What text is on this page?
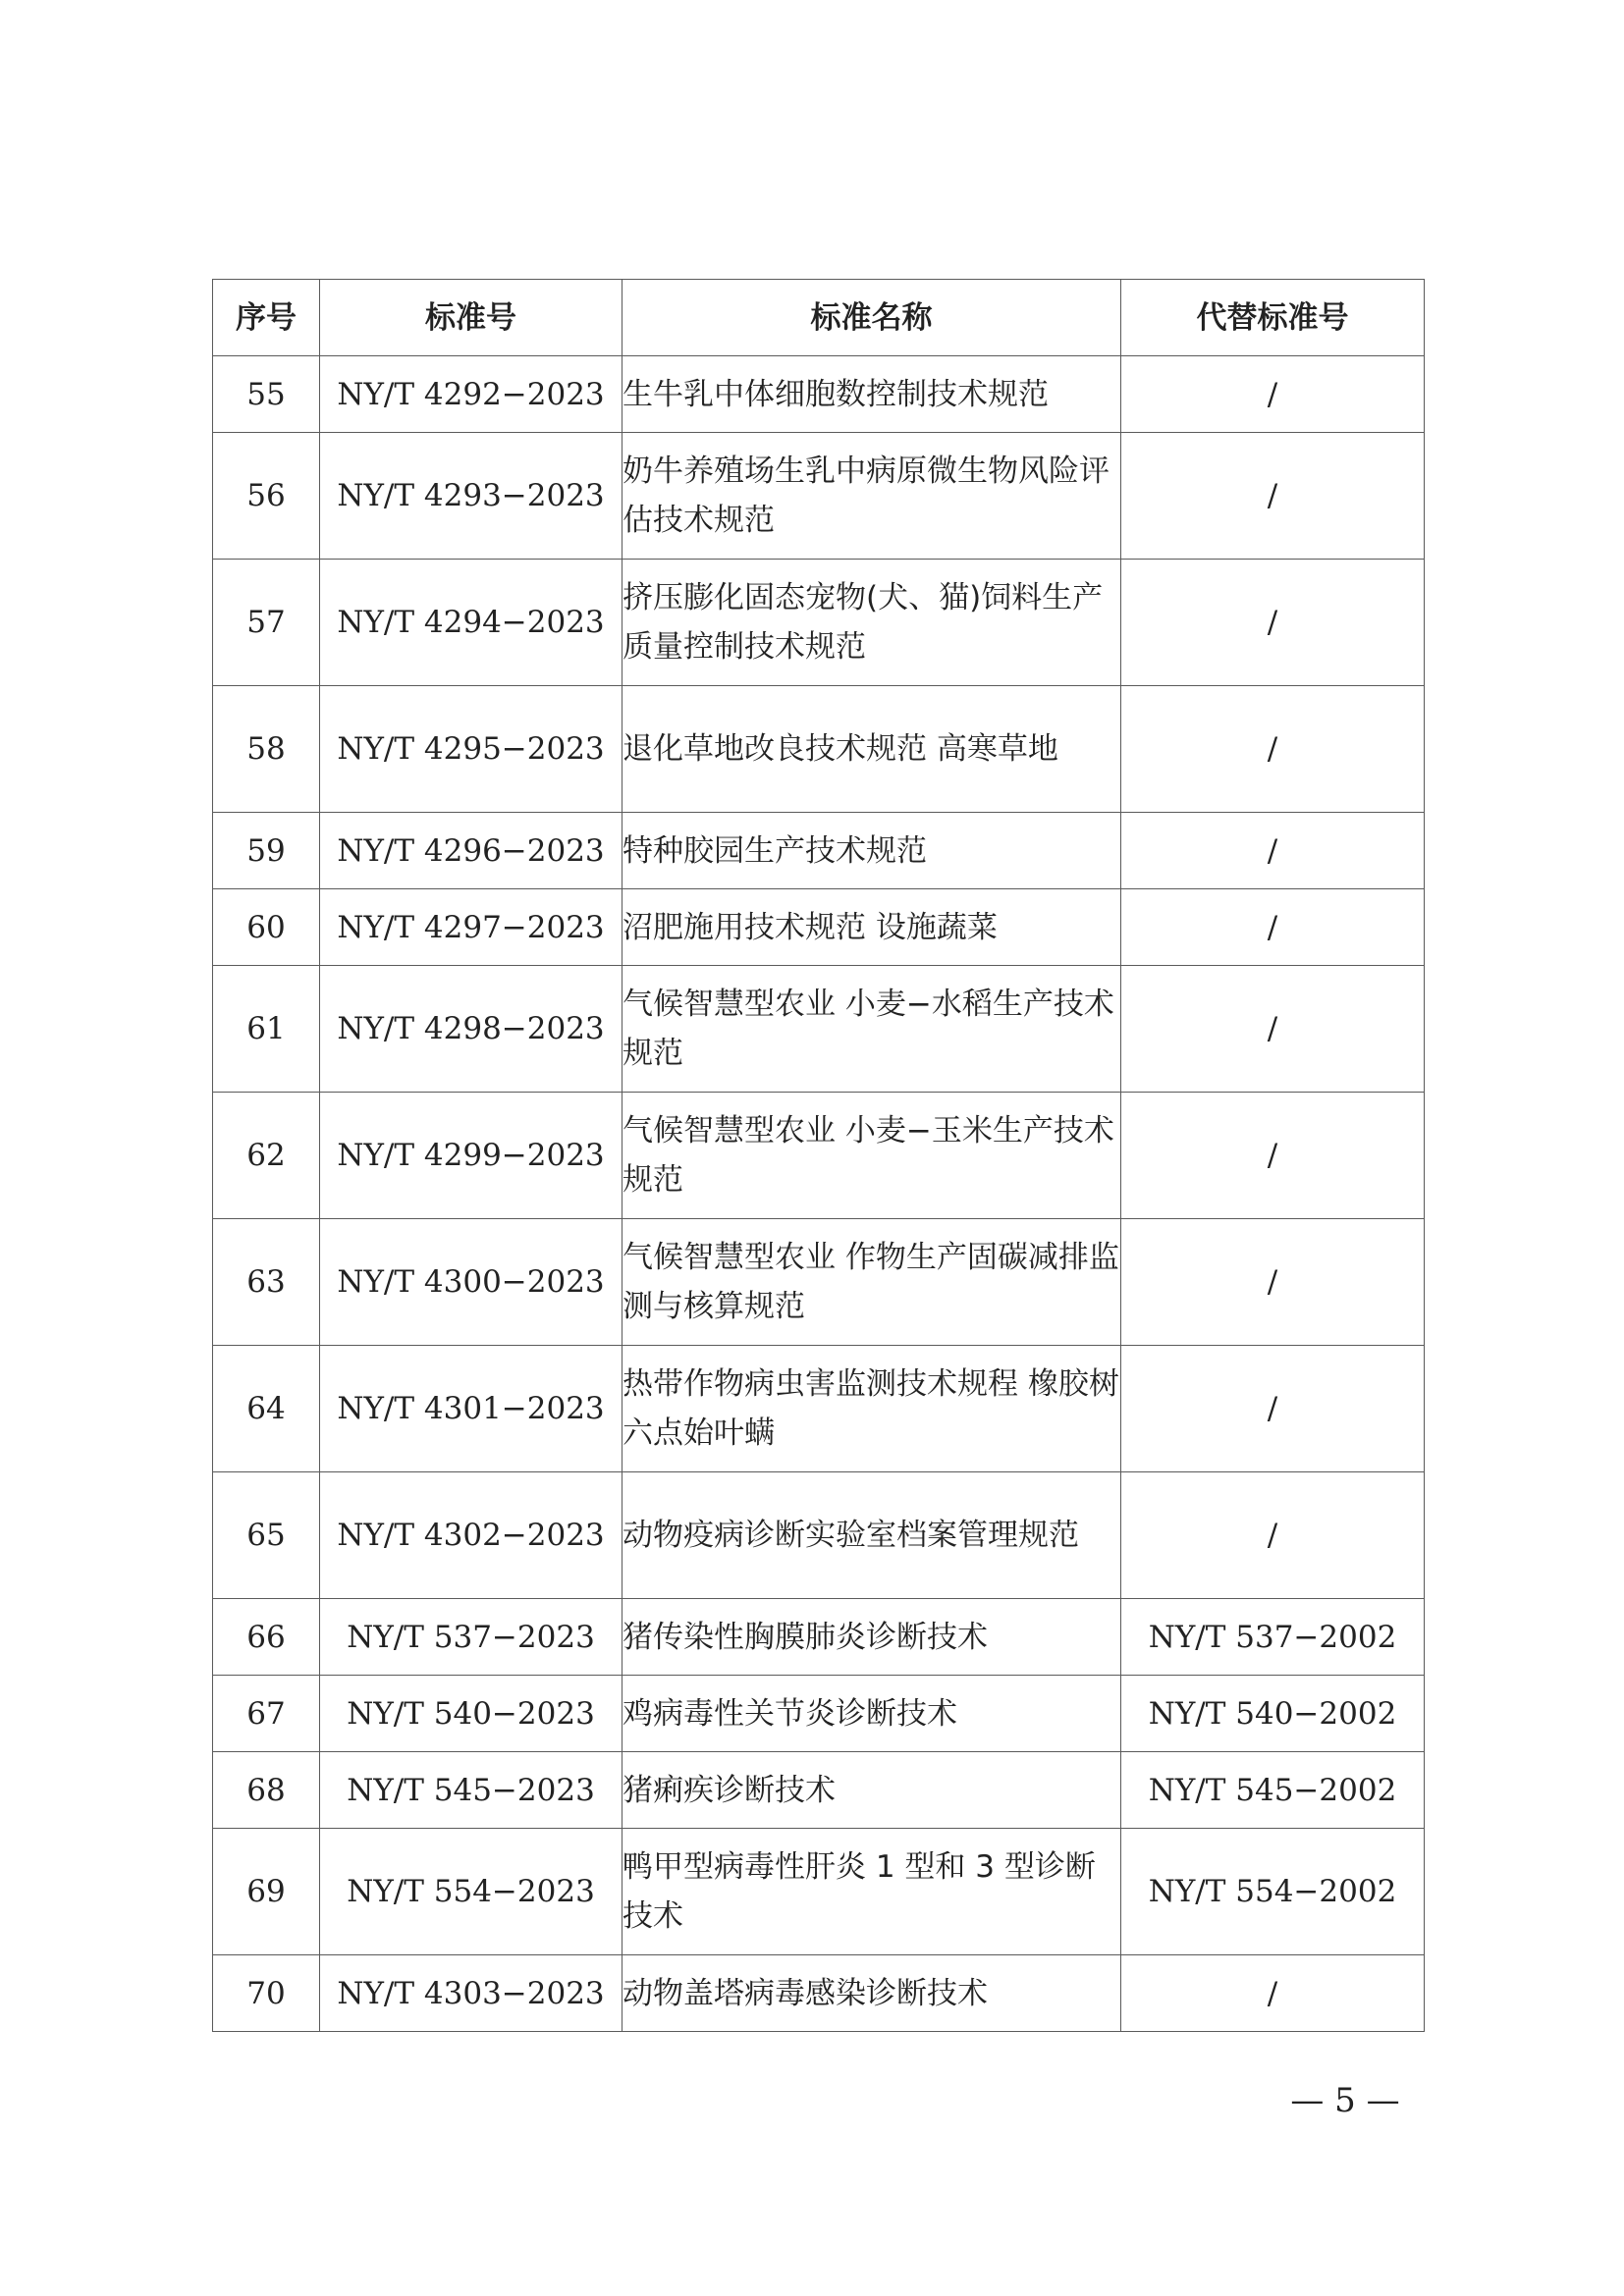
序号	标准号	标准名称	代替标准号
55	NY/T 4292−2023	生牛乳中体细胞数控制技术规范	/
56	NY/T 4293−2023	奶牛养殖场生乳中病原微生物风险评估技术规范	/
57	NY/T 4294−2023	挤压膨化固态宠物(犬、猫)饲料生产质量控制技术规范	/
58	NY/T 4295−2023	退化草地改良技术规范 高寒草地	/
59	NY/T 4296−2023	特种胶园生产技术规范	/
60	NY/T 4297−2023	沼肥施用技术规范 设施蔬菜	/
61	NY/T 4298−2023	气候智慧型农业 小麦−水稻生产技术规范	/
62	NY/T 4299−2023	气候智慧型农业 小麦−玉米生产技术规范	/
63	NY/T 4300−2023	气候智慧型农业 作物生产固碳减排监测与核算规范	/
64	NY/T 4301−2023	热带作物病虫害监测技术规程 橡胶树六点始叶螨	/
65	NY/T 4302−2023	动物疫病诊断实验室档案管理规范	/
66	NY/T 537−2023	猪传染性胸膜肺炎诊断技术	NY/T 537−2002
67	NY/T 540−2023	鸡病毒性关节炎诊断技术	NY/T 540−2002
68	NY/T 545−2023	猪痢疾诊断技术	NY/T 545−2002
69	NY/T 554−2023	鸭甲型病毒性肝炎 1 型和 3 型诊断技术	NY/T 554−2002
70	NY/T 4303−2023	动物盖塔病毒感染诊断技术	/
— 5 —
